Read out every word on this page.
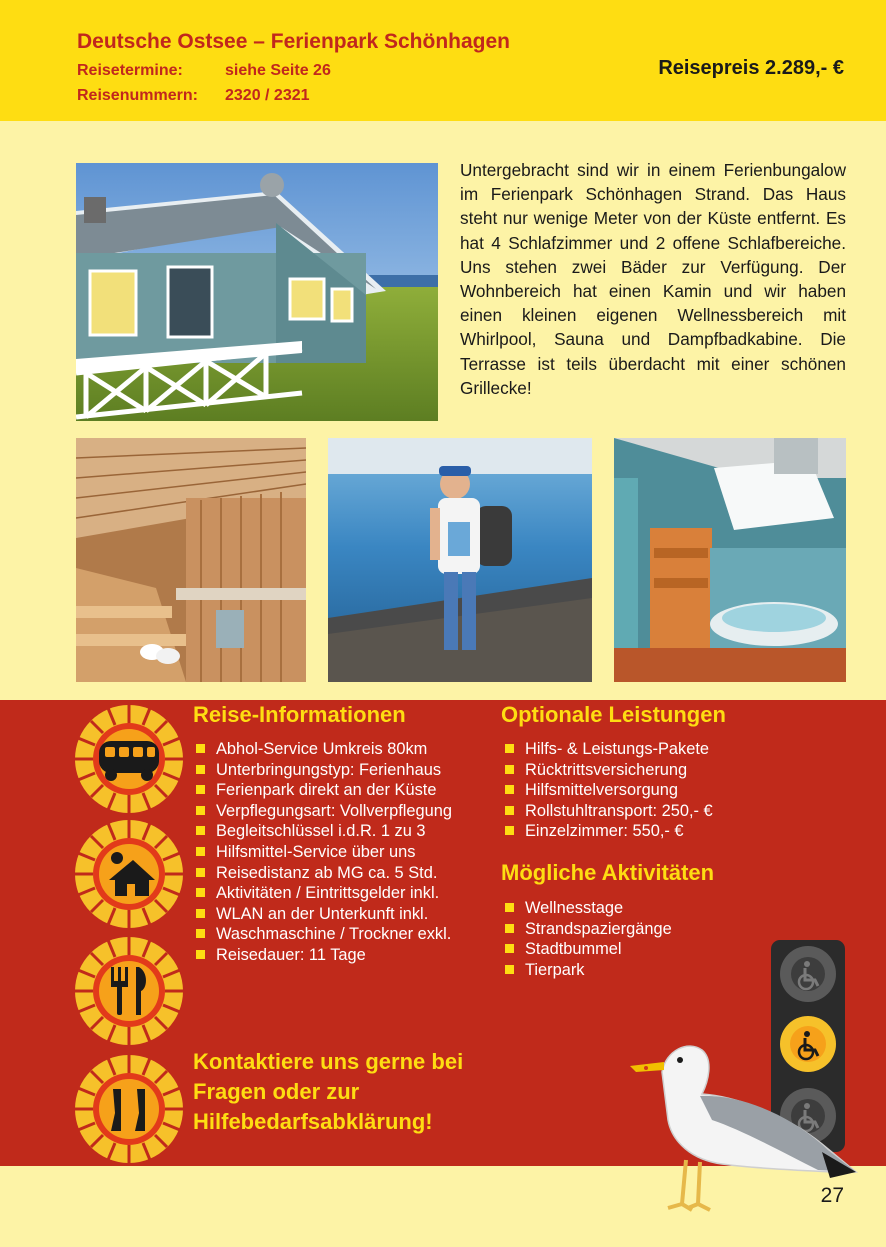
Deutsche Ostsee – Ferienpark Schönhagen
Reisetermine:	siehe Seite 26
Reisenummern: 2320 / 2321
Reisepreis 2.289,- €
Untergebracht sind wir in einem Ferienbungalow im Ferienpark Schönhagen Strand. Das Haus steht nur wenige Meter von der Küste entfernt. Es hat 4 Schlafzimmer und 2 offene Schlafbereiche. Uns stehen zwei Bäder zur Verfügung. Der Wohnbereich hat einen Kamin und wir haben einen kleinen eigenen Wellnessbereich mit Whirlpool, Sauna und Dampfbadkabine. Die Terrasse ist teils überdacht mit einer schönen Grillecke!
Reise-Informationen
Abhol-Service Umkreis 80km
Unterbringungstyp: Ferienhaus
Ferienpark direkt an der Küste
Verpflegungsart: Vollverpflegung
Begleitschlüssel i.d.R. 1 zu 3
Hilfsmittel-Service über uns
Reisedistanz ab MG ca. 5 Std.
Aktivitäten / Eintrittsgelder inkl.
WLAN an der Unterkunft inkl.
Waschmaschine / Trockner exkl.
Reisedauer: 11 Tage
Optionale Leistungen
Hilfs- & Leistungs-Pakete
Rücktrittsversicherung
Hilfsmittelversorgung
Rollstuhltransport: 250,- €
Einzelzimmer: 550,- €
Mögliche Aktivitäten
Wellnesstage
Strandspaziergänge
Stadtbummel
Tierpark
Kontaktiere uns gerne bei Fragen oder zur Hilfebedarfsabklärung!
27
